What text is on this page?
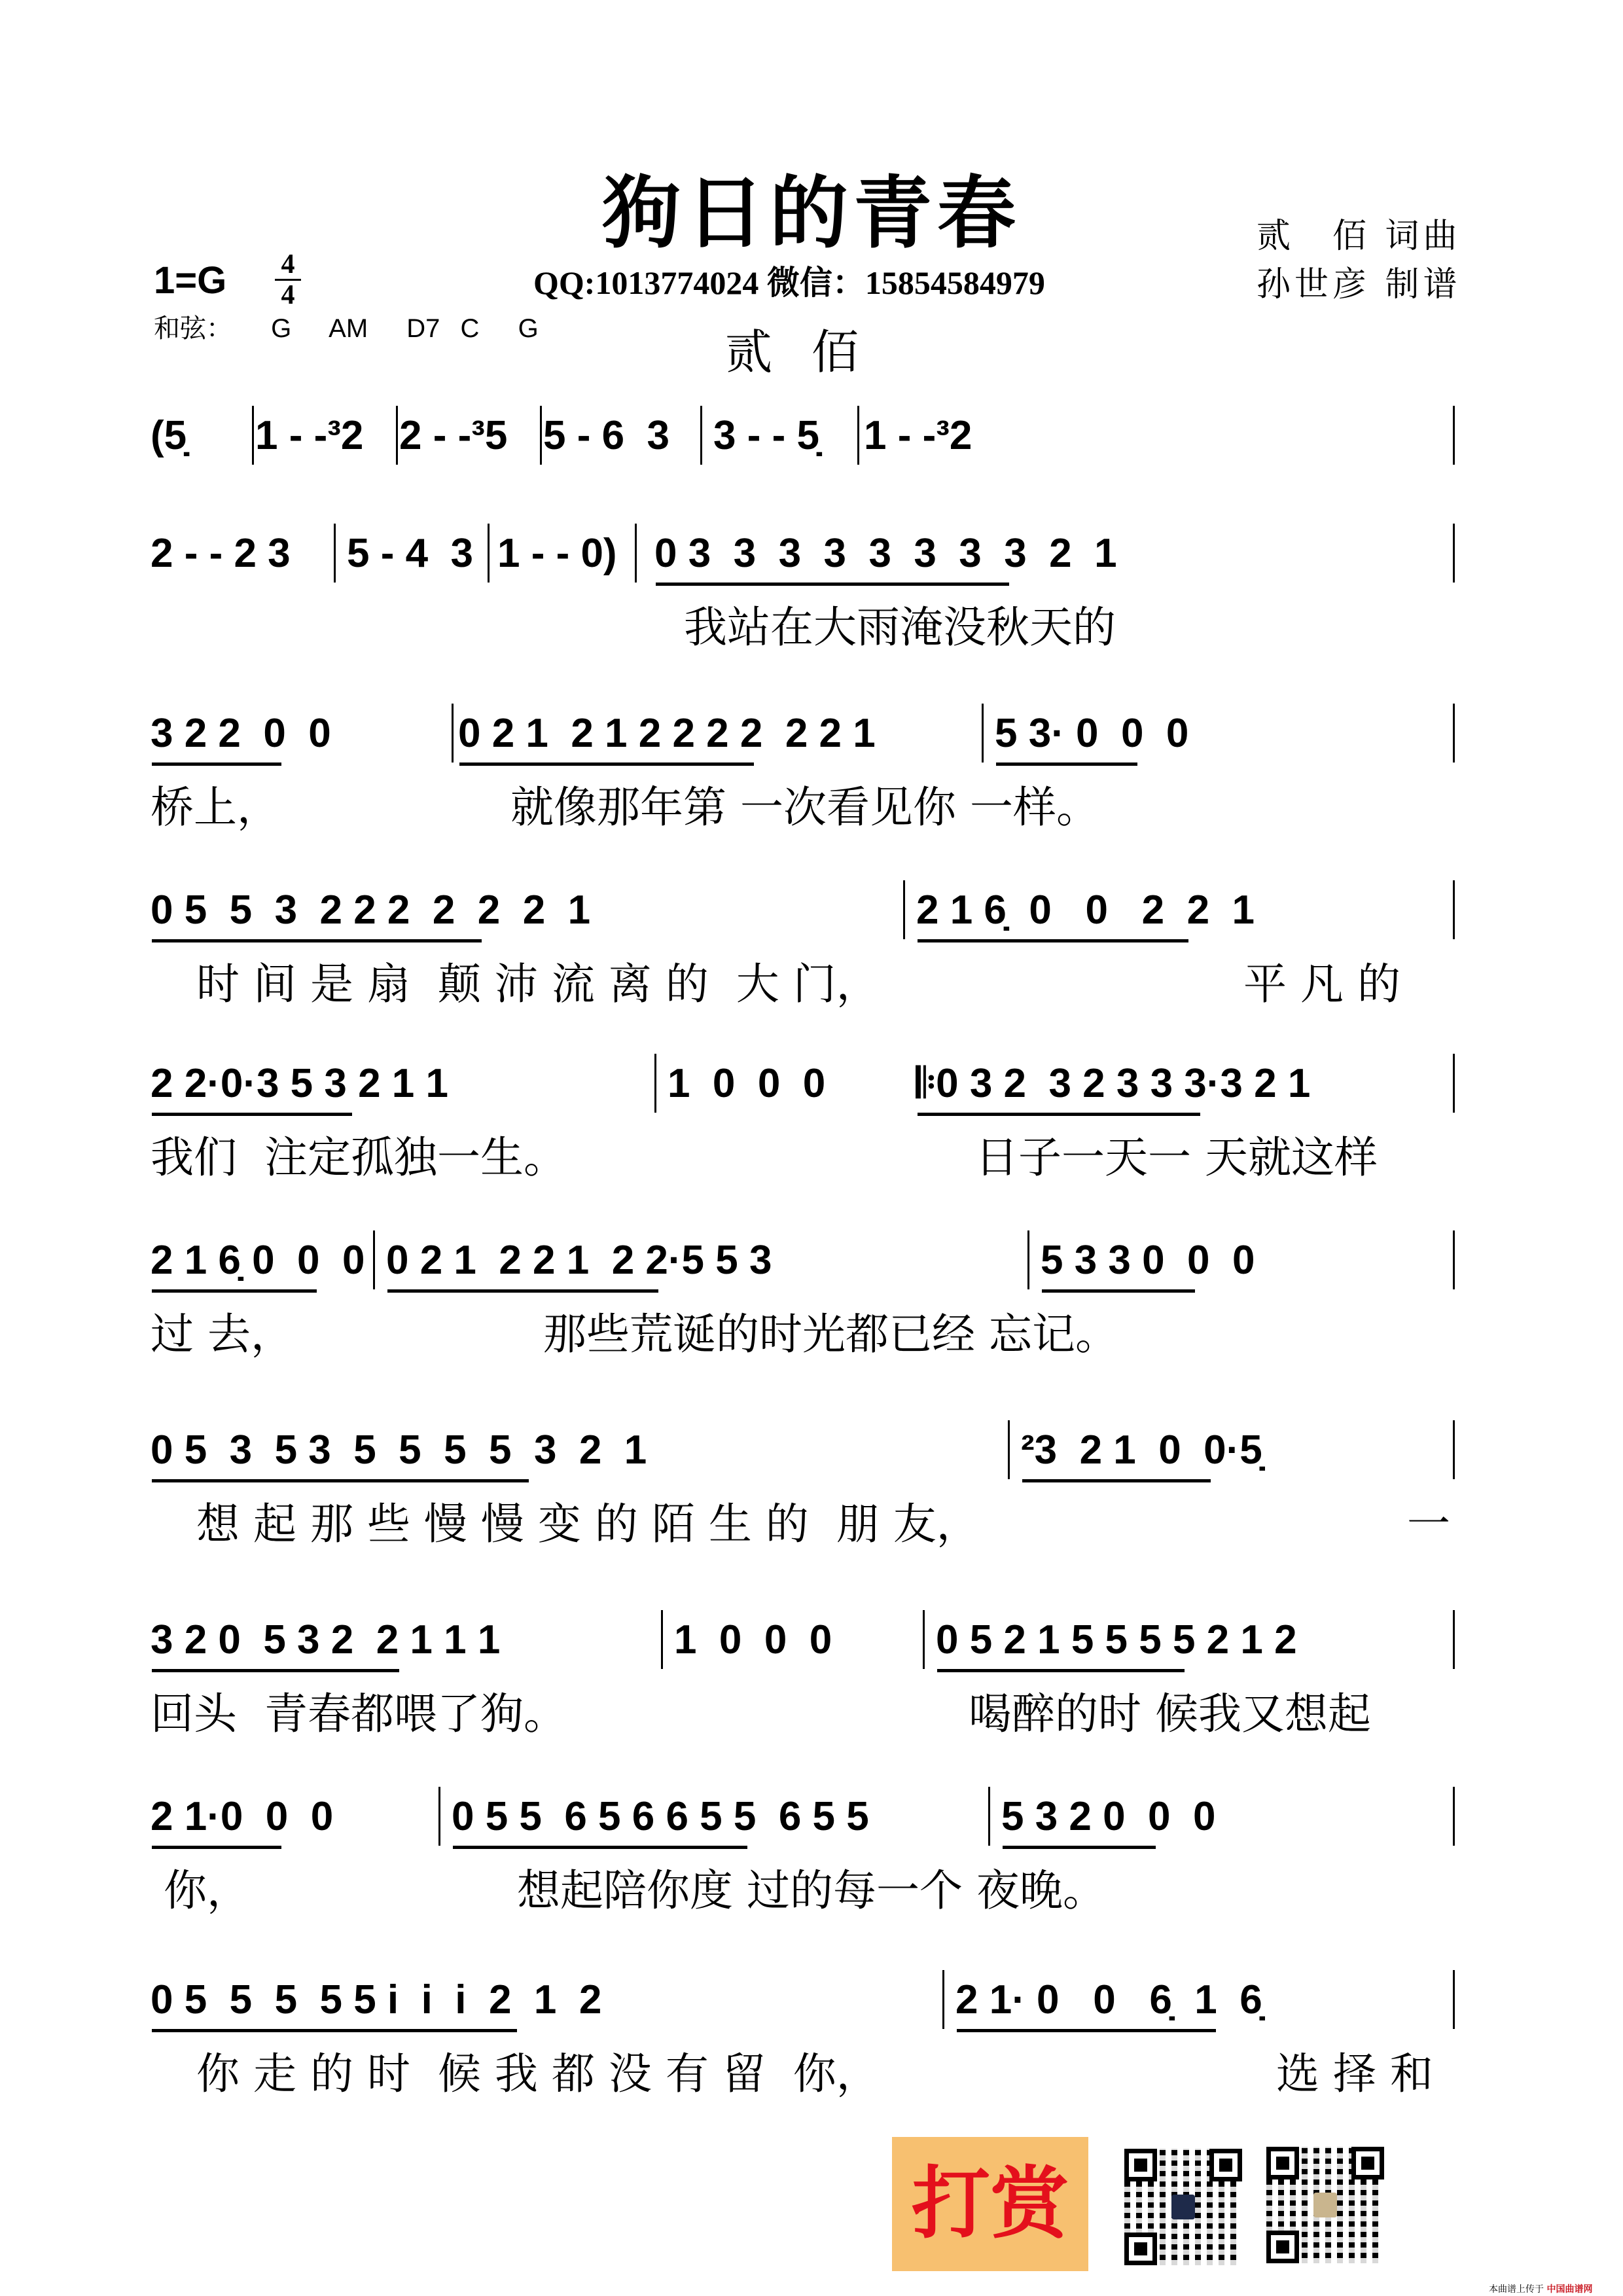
狗日的青春	贰　佰 词曲
孙世彦 制谱
1=G 4
4	QQ:1013774024 微信：15854584979
和弦： G AM D7 C G	贰佰
(5̣ 1 - -³2 2 - -³5 5 - 6  3 3 - - 5̣ 1 - -³2
2 - - 2 3 5 - 4  3 1 - - 0) 0 3  3  3  3  3  3  3  3  2  1
我站在大雨淹没秋天的
3 2 2  0  0	0 2 1  2 1 2 2 2 2  2 2 1	5 3· 0  0  0
桥上，	就像那年第 一次看见你 一样。
0 5  5  3  2 2 2  2  2  2  1	2 1 6̣  0   0   2  2  1
时 间 是 扇  颠 沛 流 离 的  大 门，	平 凡 的
2 2·0·3 5 3 2 1 1	1  0  0  0 𝄆0 3 2  3 2 3 3 3·3 2 1
我们  注定孤独一生。	日子一天一 天就这样
2 1 6̣ 0  0  0 0 2 1  2 2 1  2 2·5 5 3	5 3 3 0  0  0
过 去，	那些荒诞的时光都已经 忘记。
0 5  3  5 3  5  5  5  5  3  2  1	²3  2 1  0  0·5̣
想 起 那 些 慢 慢 变 的 陌 生 的  朋 友，	一
3 2 0  5 3 2  2 1 1 1	1  0  0  0	0 5 2 1 5 5 5 5 2 1 2
回头  青春都喂了狗。	喝醉的时 候我又想起
2 1·0  0  0	0 5 5  6 5 6 6 5 5  6 5 5	5 3 2 0  0  0
你，	想起陪你度 过的每一个 夜晚。
0 5  5  5  5 5 i  i  i  2  1  2	2 1· 0   0   6̣  1  6̣
你 走 的 时  候 我 都 没 有 留  你，	选 择 和
打赏
本曲谱上传于 中国曲谱网
